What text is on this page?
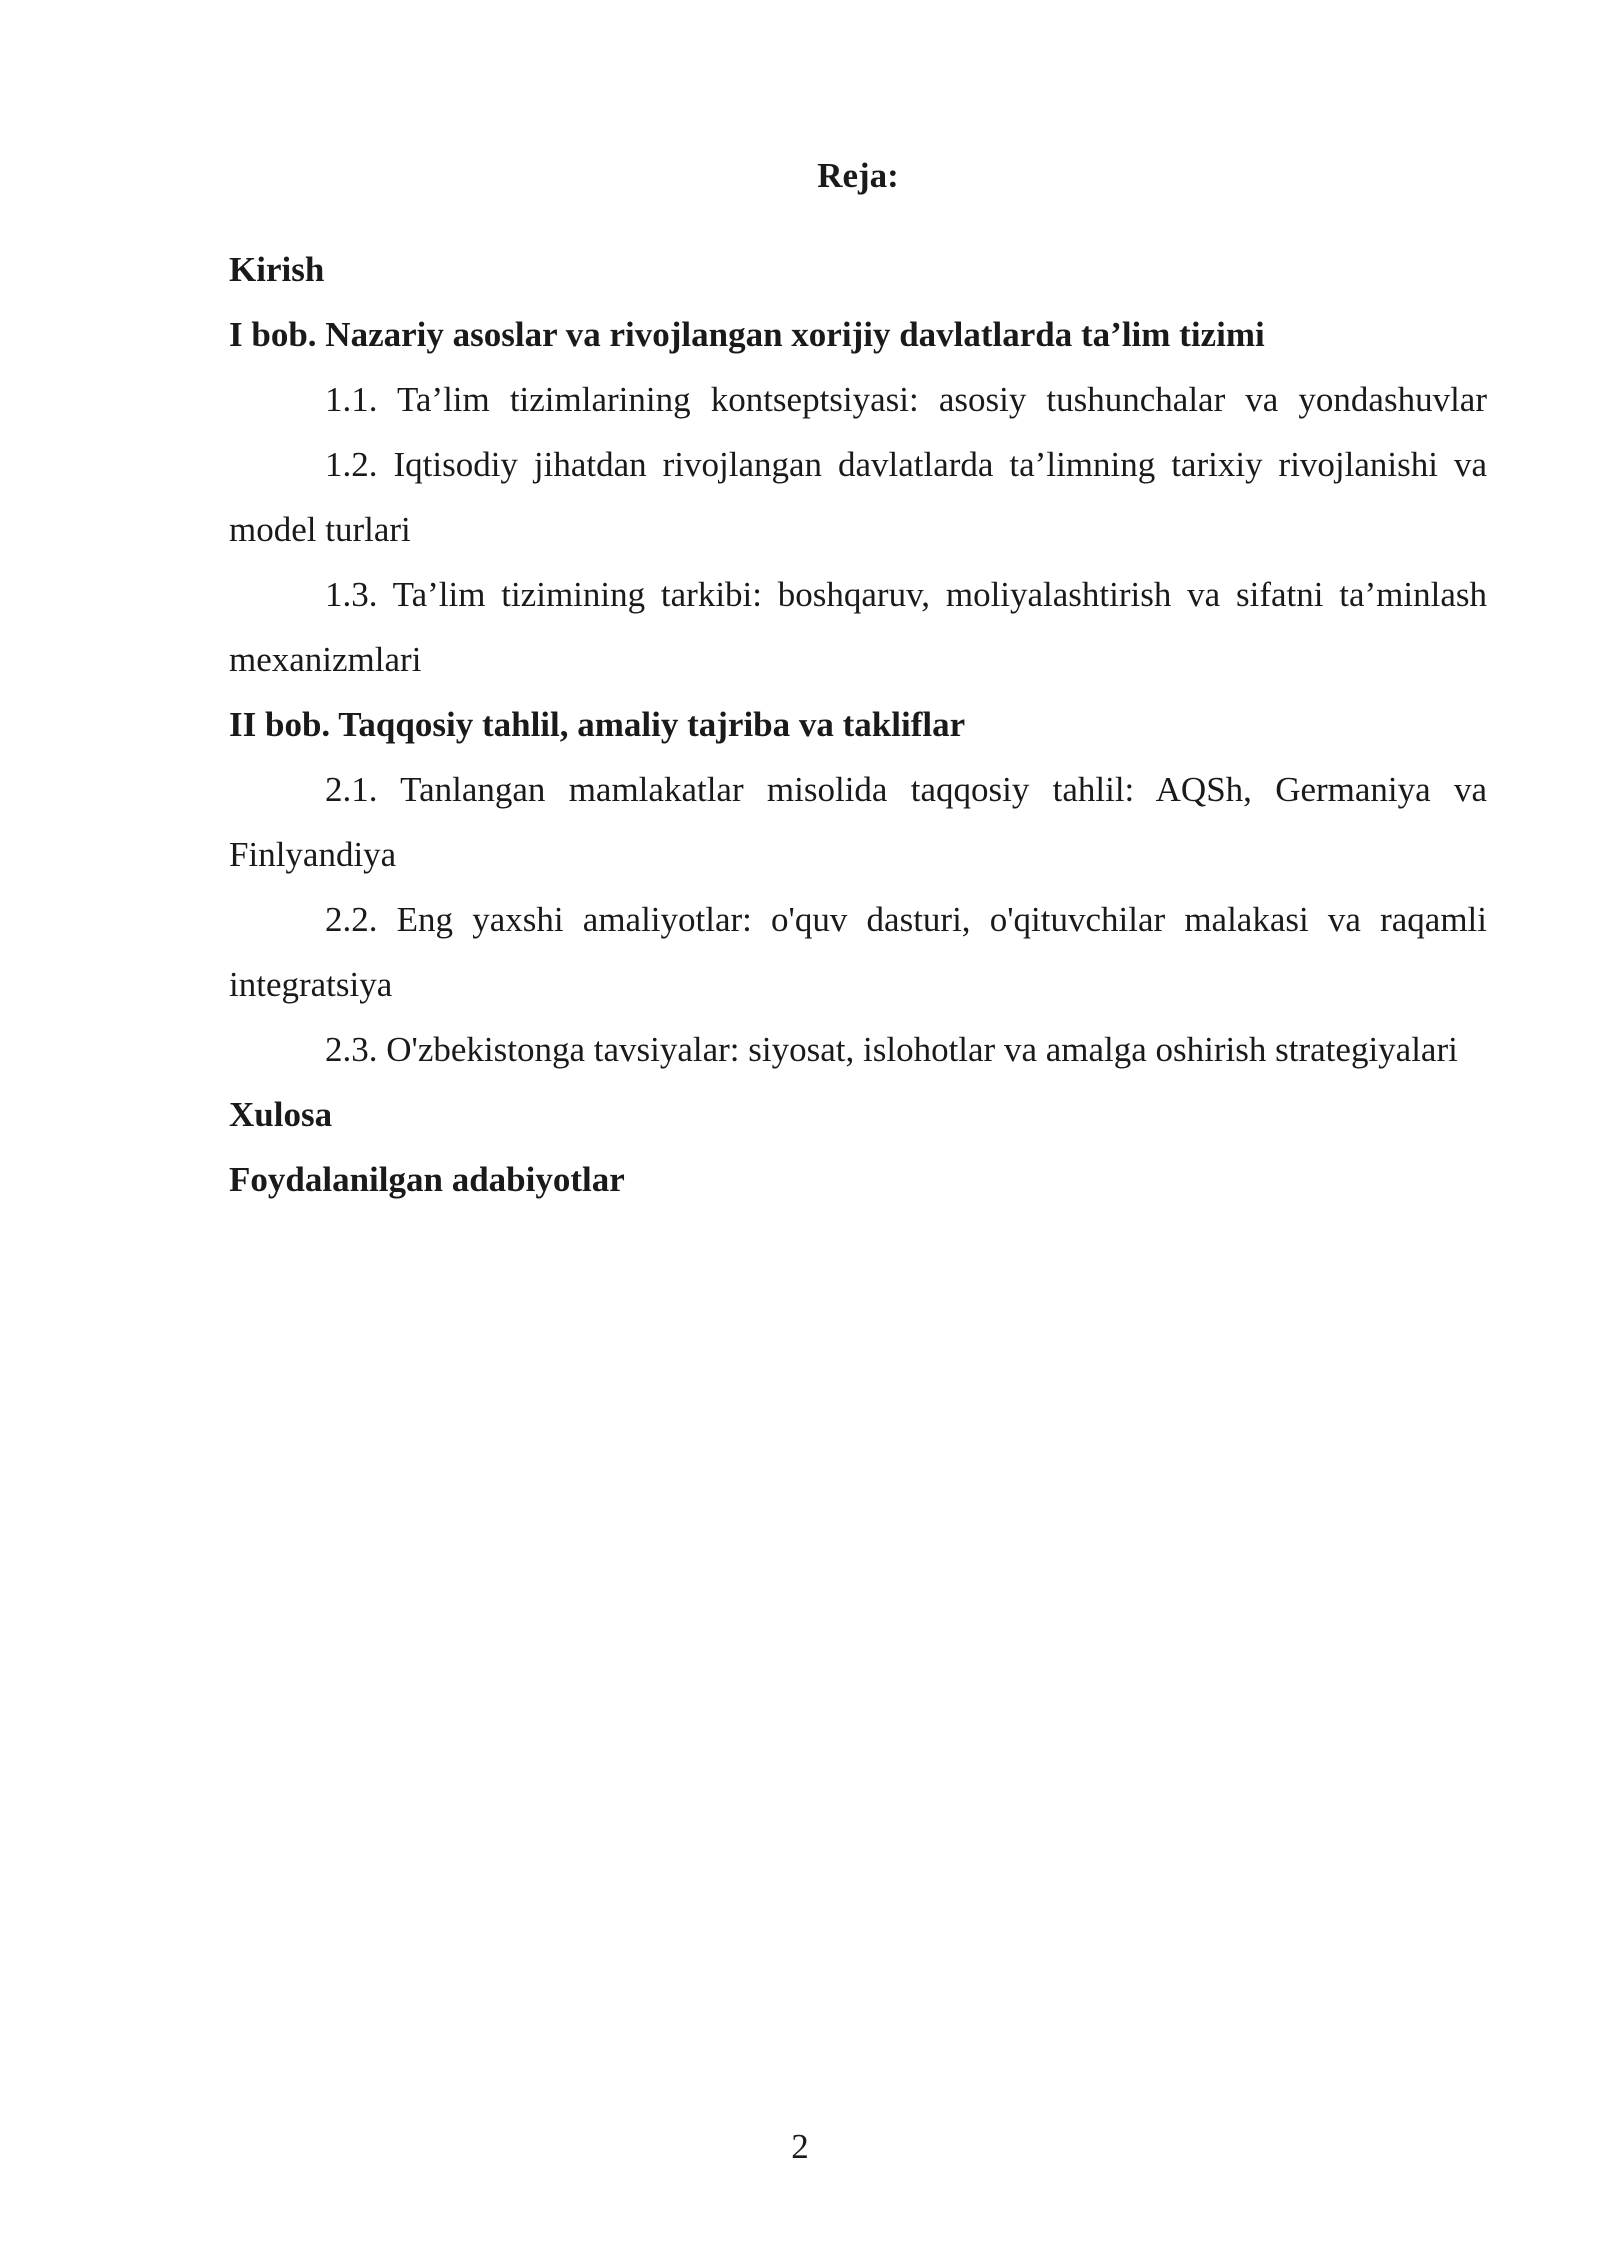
Reja:

Kirish

I bob. Nazariy asoslar va rivojlangan xorijiy davlatlarda ta’lim tizimi

1.1. Ta’lim tizimlarining kontseptsiyasi: asosiy tushunchalar va yondashuvlar

1.2. Iqtisodiy jihatdan rivojlangan davlatlarda ta’limning tarixiy rivojlanishi va model turlari

1.3. Ta’lim tizimining tarkibi: boshqaruv, moliyalashtirish va sifatni ta’minlash mexanizmlari

II bob. Taqqosiy tahlil, amaliy tajriba va takliflar

2.1. Tanlangan mamlakatlar misolida taqqosiy tahlil: AQSh, Germaniya va Finlyandiya

2.2. Eng yaxshi amaliyotlar: o'quv dasturi, o'qituvchilar malakasi va raqamli integratsiya

2.3. O'zbekistonga tavsiyalar: siyosat, islohotlar va amalga oshirish strategiyalari

Xulosa

Foydalanilgan adabiyotlar

2
